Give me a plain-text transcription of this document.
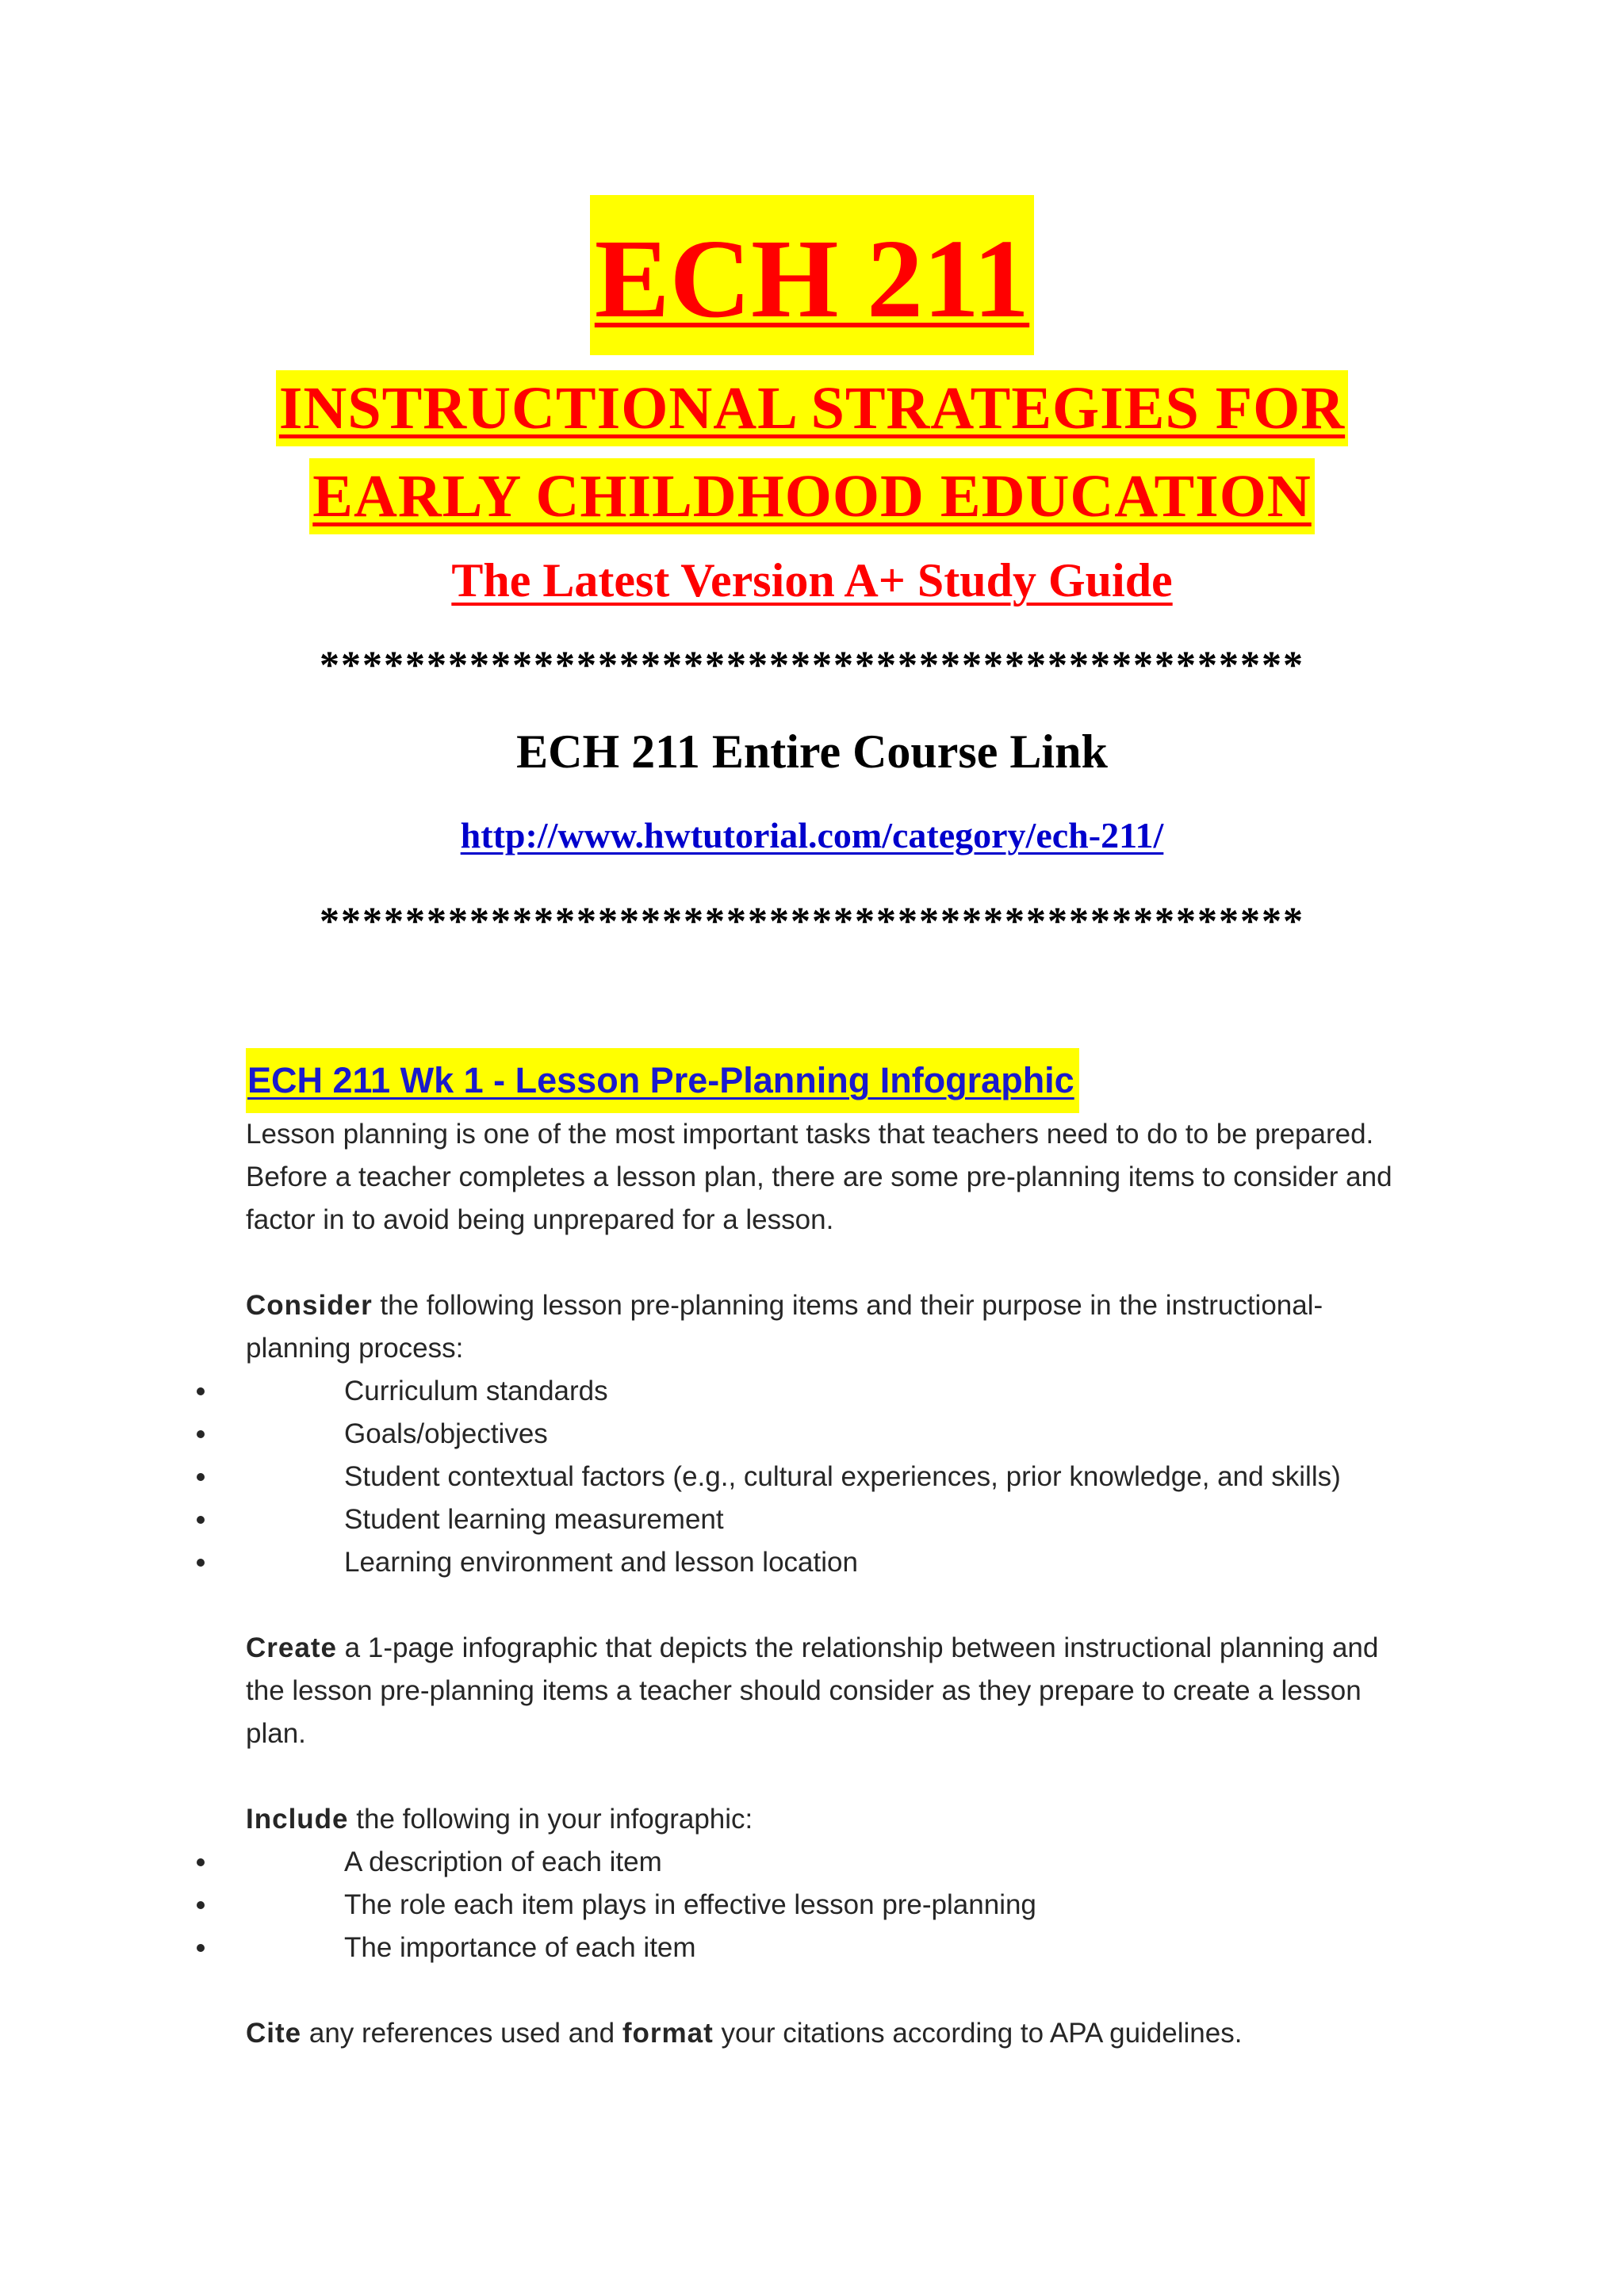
ECH 211
INSTRUCTIONAL STRATEGIES FOR
EARLY CHILDHOOD EDUCATION
The Latest Version A+ Study Guide
**********************************************
ECH 211 Entire Course Link
http://www.hwtutorial.com/category/ech-211/
**********************************************
ECH 211 Wk 1 - Lesson Pre-Planning Infographic

Lesson planning is one of the most important tasks that teachers need to do to be prepared. Before a teacher completes a lesson plan, there are some pre-planning items to consider and factor in to avoid being unprepared for a lesson.

Consider the following lesson pre-planning items and their purpose in the instructional-planning process:

Curriculum standards
Goals/objectives
Student contextual factors (e.g., cultural experiences, prior knowledge, and skills)
Student learning measurement
Learning environment and lesson location

Create a 1-page infographic that depicts the relationship between instructional planning and the lesson pre-planning items a teacher should consider as they prepare to create a lesson plan.

Include the following in your infographic:

A description of each item
The role each item plays in effective lesson pre-planning
The importance of each item

Cite any references used and format your citations according to APA guidelines.
